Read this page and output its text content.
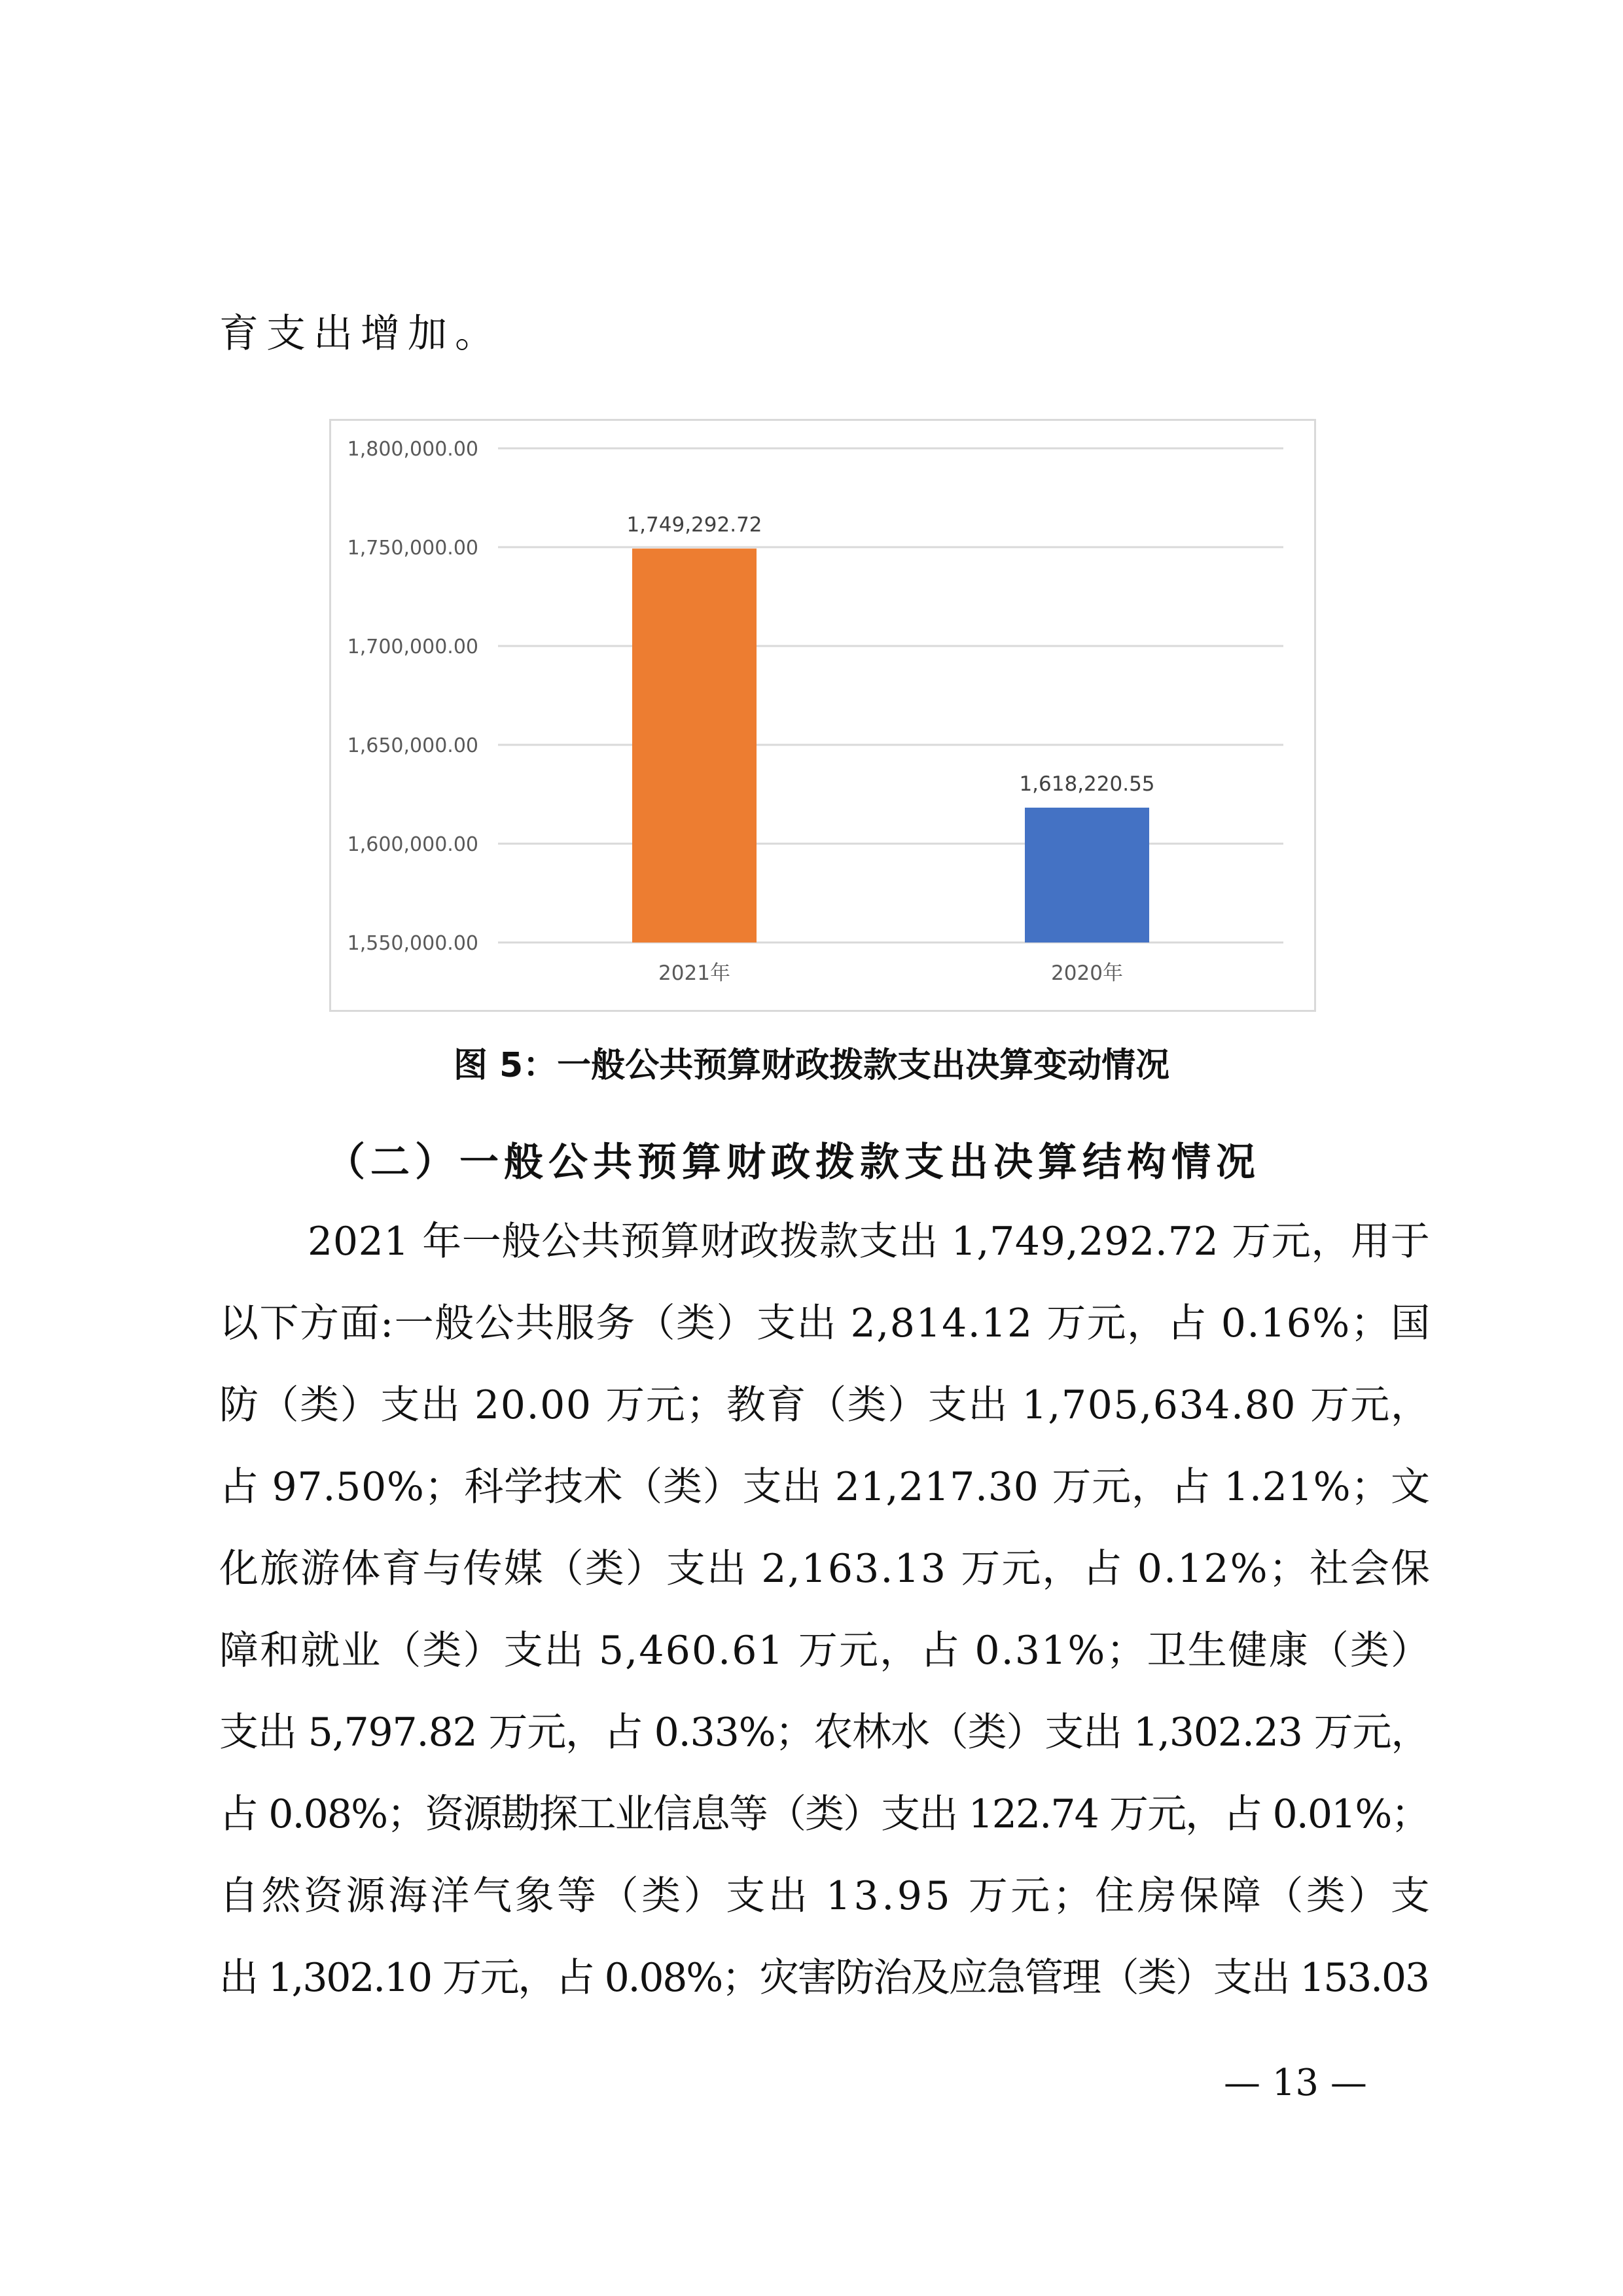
育支出增加。
1,550,000.00
1,600,000.00
1,650,000.00
1,700,000.00
1,750,000.00
1,800,000.00
1,749,292.72
2021年
1,618,220.55
2020年
图 5：一般公共预算财政拨款支出决算变动情况
（二）一般公共预算财政拨款支出决算结构情况
2021 年一般公共预算财政拨款支出 1,749,292.72 万元，用于
以下方面:一般公共服务（类）支出 2,814.12 万元，占 0.16%；国
防（类）支出 20.00 万元；教育（类）支出 1,705,634.80 万元，
占 97.50%；科学技术（类）支出 21,217.30 万元，占 1.21%；文
化旅游体育与传媒（类）支出 2,163.13 万元，占 0.12%；社会保
障和就业（类）支出 5,460.61 万元，占 0.31%；卫生健康（类）
支出 5,797.82 万元，占 0.33%；农林水（类）支出 1,302.23 万元，
占 0.08%；资源勘探工业信息等（类）支出 122.74 万元，占 0.01%；
自然资源海洋气象等（类）支出 13.95 万元；住房保障（类）支
出 1,302.10 万元，占 0.08%；灾害防治及应急管理（类）支出 153.03
— 13 —
